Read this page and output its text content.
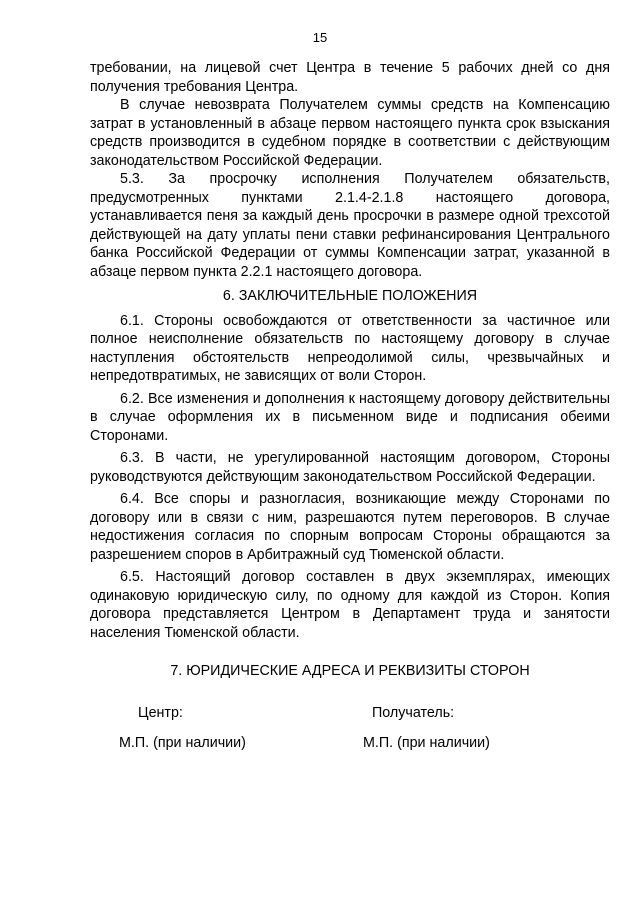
15

требовании, на лицевой счет Центра в течение 5 рабочих дней со дня получения требования Центра.

В случае невозврата Получателем суммы средств на Компенсацию затрат в установленный в абзаце первом настоящего пункта срок взыскания средств производится в судебном порядке в соответствии с действующим законодательством Российской Федерации.

5.3. За просрочку исполнения Получателем обязательств, предусмотренных пунктами 2.1.4-2.1.8 настоящего договора, устанавливается пеня за каждый день просрочки в размере одной трехсотой действующей на дату уплаты пени ставки рефинансирования Центрального банка Российской Федерации от суммы Компенсации затрат, указанной в абзаце первом пункта 2.2.1 настоящего договора.

6. ЗАКЛЮЧИТЕЛЬНЫЕ ПОЛОЖЕНИЯ

6.1. Стороны освобождаются от ответственности за частичное или полное неисполнение обязательств по настоящему договору в случае наступления обстоятельств непреодолимой силы, чрезвычайных и непредотвратимых, не зависящих от воли Сторон.

6.2. Все изменения и дополнения к настоящему договору действительны в случае оформления их в письменном виде и подписания обеими Сторонами.

6.3. В части, не урегулированной настоящим договором, Стороны руководствуются действующим законодательством Российской Федерации.

6.4. Все споры и разногласия, возникающие между Сторонами по договору или в связи с ним, разрешаются путем переговоров. В случае недостижения согласия по спорным вопросам Стороны обращаются за разрешением споров в Арбитражный суд Тюменской области.

6.5. Настоящий договор составлен в двух экземплярах, имеющих одинаковую юридическую силу, по одному для каждой из Сторон. Копия договора представляется Центром в Департамент труда и занятости населения Тюменской области.

7. ЮРИДИЧЕСКИЕ АДРЕСА И РЕКВИЗИТЫ СТОРОН
Центр:	Получатель:
М.П. (при наличии)	М.П. (при наличии)
